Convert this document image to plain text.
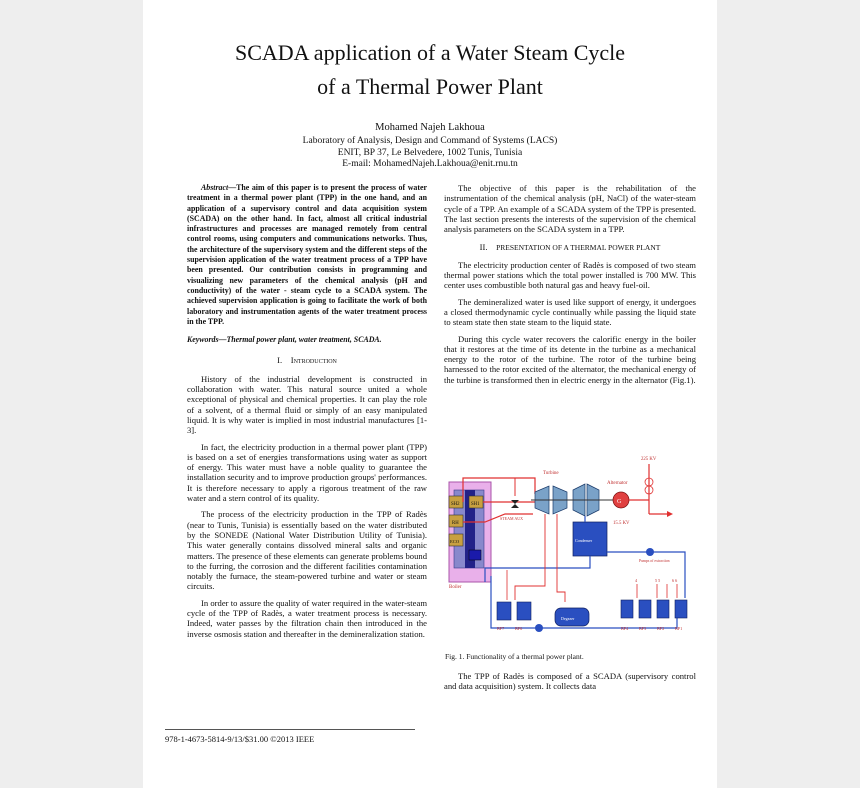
SCADA application of a Water Steam Cycle
of a Thermal Power Plant
Mohamed Najeh Lakhoua
Laboratory of Analysis, Design and Command of Systems (LACS)
ENIT, BP 37, Le Belvedere, 1002 Tunis, Tunisia
E-mail: MohamedNajeh.Lakhoua@enit.rnu.tn
Abstract—The aim of this paper is to present the process of water treatment in a thermal power plant (TPP) in the one hand, and an application of a supervisory control and data acquisition system (SCADA) on the other hand. In fact, almost all critical industrial infrastructures and processes are managed remotely from central control rooms, using computers and communications networks. Thus, the architecture of the supervisory system and the different steps of the supervision application of the water treatment process of a TPP have been presented. Our contribution consists in programming and visualizing new parameters of the chemical analysis (pH and conductivity) of the water - steam cycle to a SCADA system. The achieved supervision application is going to facilitate the work of both laboratory and instrumentation agents of the water treatment process in the TPP.
Keywords—Thermal power plant, water treatment, SCADA.
I. Introduction

History of the industrial development is constructed in collaboration with water. This natural source united a whole exceptional of physical and chemical properties. It can play the role of a solvent, of a thermal fluid or simply of an easy manipulated liquid. It is why water is implied in most industrial manufactures [1-3].

In fact, the electricity production in a thermal power plant (TPP) is based on a set of energies transformations using water as support of energy. This water must have a noble quality to guarantee the installation security and to improve production groups' performances. It is therefore necessary to apply a rigorous treatment of the raw water and a stern control of its quality.

The process of the electricity production in the TPP of Radès (near to Tunis, Tunisia) is essentially based on the water distributed by the SONEDE (National Water Distribution Utility of Tunisia). This water generally contains dissolved mineral salts and organic matters. The presence of these elements can generate problems bound to the furring, the corrosion and the different facilities contamination notably the furnace, the steam-powered turbine and water or steam circuits.

In order to assure the quality of water required in the water-steam cycle of the TPP of Radès, a water treatment process is necessary. Indeed, water passes by the filtration chain then introduced in the inverse osmosis station and thereafter in the demineralization station.

978-1-4673-5814-9/13/$31.00 ©2013 IEEE

The objective of this paper is the rehabilitation of the instrumentation of the chemical analysis (pH, NaCl) of the water-steam cycle of a TPP. An example of a SCADA system of the TPP is presented. The last section presents the interests of the supervision of the chemical analysis parameters on the SCADA system in a TPP.

II. PRESENTATION OF A THERMAL POWER PLANT

The electricity production center of Radès is composed of two steam thermal power stations which the total power installed is 700 MW. This center uses combustible both natural gas and heavy fuel-oil.

The demineralized water is used like support of energy, it undergoes a closed thermodynamic cycle continually while passing the liquid state to steam state then state steam to the liquid state.

During this cycle water recovers the calorific energy in the boiler that it restores at the time of its detente in the turbine as a mechanical energy to the rotor of the turbine. The rotor of the turbine being harnessed to the rotor excited of the alternator, the mechanical energy of the turbine is transformed then in electric energy in the alternator (Fig.1).

SH2 SH1
RH
ECO
Boiler
STEAM AUX
Turbine
Alternator
G
225 KV
15.5 KV
Condenser
Pumps of extraction
4	5 5	6 6
Degazer
BP7	BP6	BP4	BP3	BP2	BP1
Fig. 1. Functionality of a thermal power plant.

The TPP of Radès is composed of a SCADA (supervisory control and data acquisition) system. It collects data
